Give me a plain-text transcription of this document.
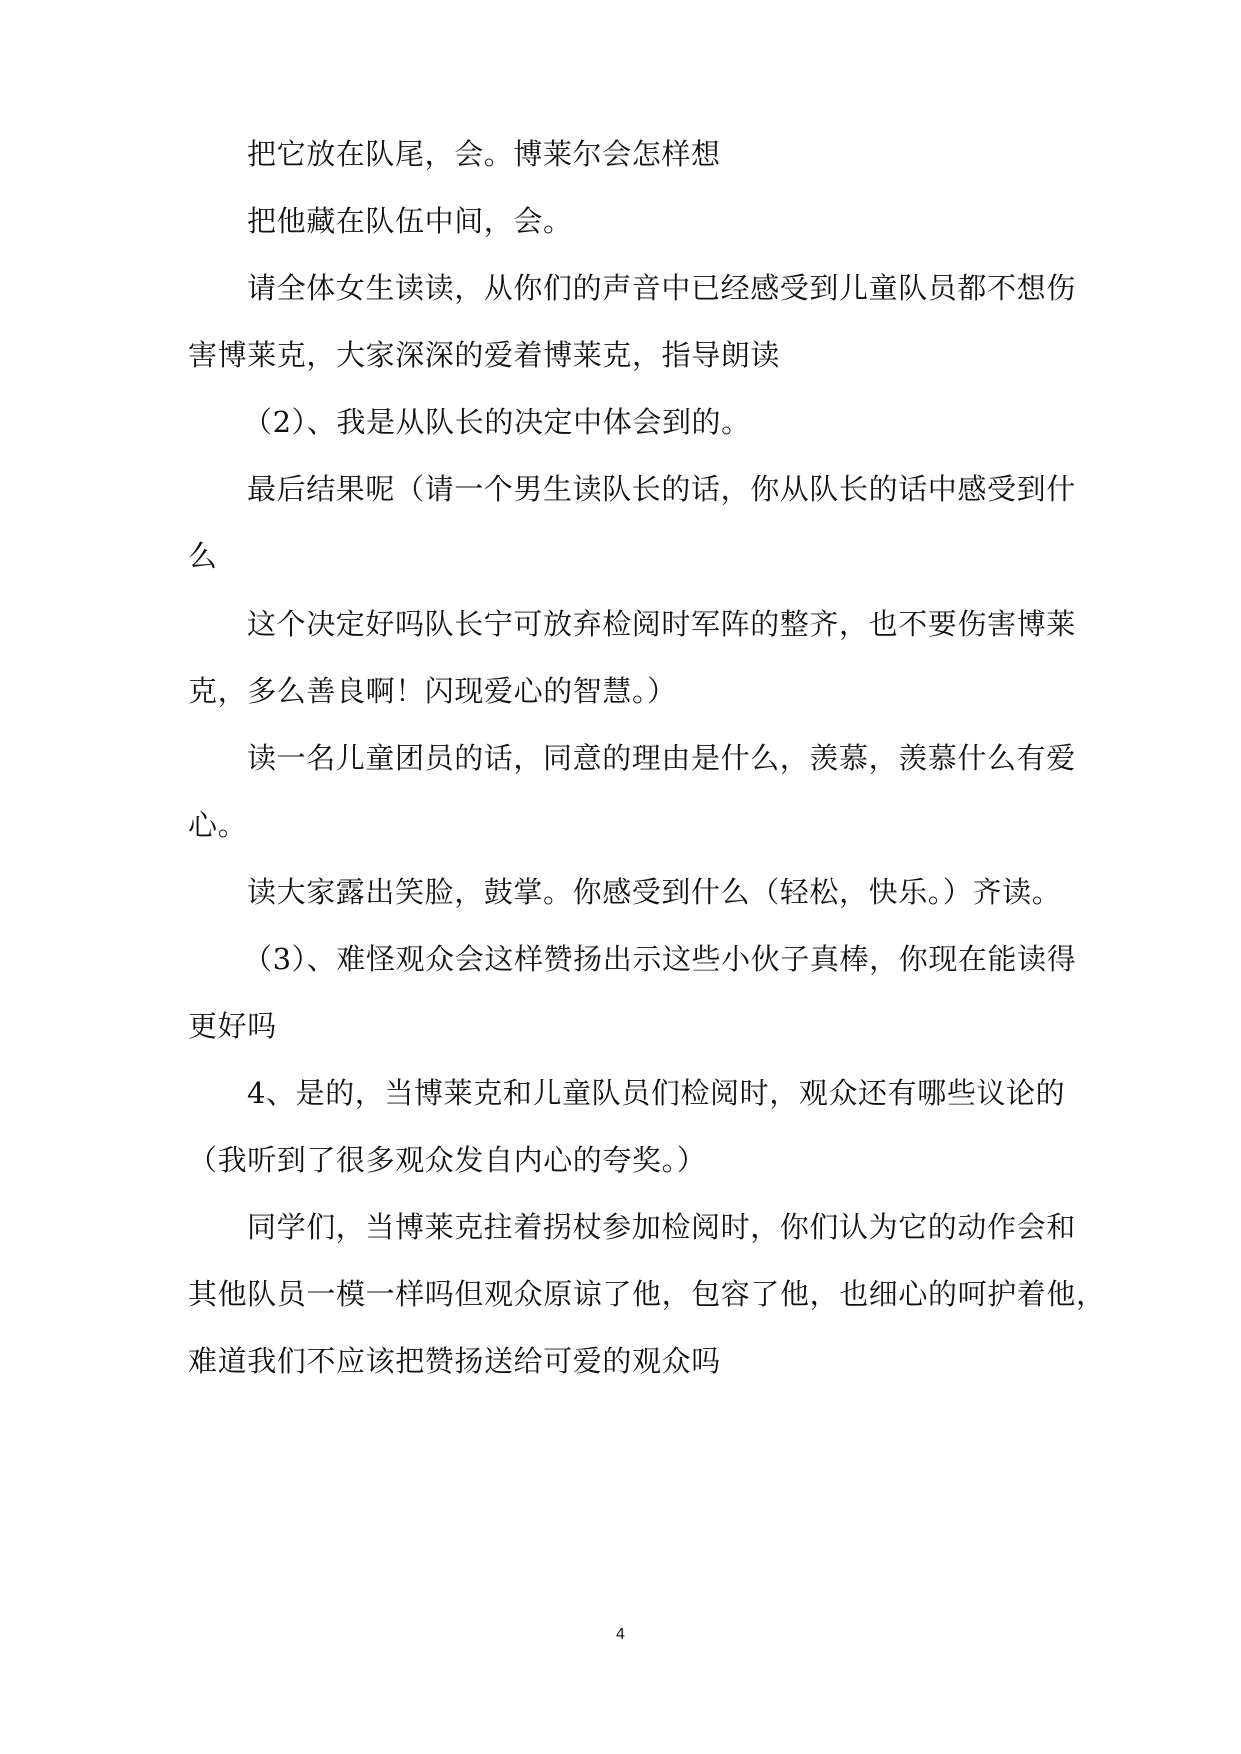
把它放在队尾，会。博莱尔会怎样想
把他藏在队伍中间，会。
请全体女生读读，从你们的声音中已经感受到儿童队员都不想伤
害博莱克，大家深深的爱着博莱克，指导朗读
（2）、我是从队长的决定中体会到的。
最后结果呢（请一个男生读队长的话，你从队长的话中感受到什
么
这个决定好吗队长宁可放弃检阅时军阵的整齐，也不要伤害博莱
克，多么善良啊！闪现爱心的智慧。）
读一名儿童团员的话，同意的理由是什么，羡慕，羡慕什么有爱
心。
读大家露出笑脸，鼓掌。你感受到什么（轻松，快乐。）齐读。
（3）、难怪观众会这样赞扬出示这些小伙子真棒，你现在能读得
更好吗
4、是的，当博莱克和儿童队员们检阅时，观众还有哪些议论的
（我听到了很多观众发自内心的夸奖。）
同学们，当博莱克拄着拐杖参加检阅时，你们认为它的动作会和
其他队员一模一样吗但观众原谅了他，包容了他，也细心的呵护着他，
难道我们不应该把赞扬送给可爱的观众吗
4
